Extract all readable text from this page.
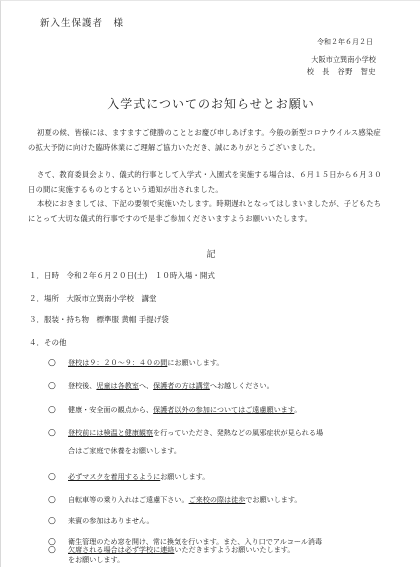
新入生保護者　様
令和２年６月２日
大阪市立巽南小学校
校　長　谷野　智史
入学式についてのお知らせとお願い
初夏の候、皆様には、ますますご健勝のこととお慶び申しあげます。今般の新型コロナウイルス感染症の拡大予防に向けた臨時休業にご理解ご協力いただき、誠にありがとうございました。
さて、教育委員会より、儀式的行事として入学式・入園式を実施する場合は、６月１５日から６月３０日の間に実施するものとするという通知が出されました。
本校におきましては、下記の要領で実施いたします。時期遅れとなってはしまいましたが、子どもたちにとって大切な儀式的行事ですので是非ご参加くださいますようお願いいたします。
記
１．日時　令和２年６月２０日(土)　１０時入場・開式
２．場所　大阪市立巽南小学校　講堂
３．服装・持ち物　標準服 黄帽 手提げ袋
４．その他
○ 登校は９：２０〜９：４０の間にお願いします。
○ 登校後、児童は各教室へ、保護者の方は講堂へお越しください。
○ 健康・安全面の観点から、保護者以外の参加についてはご遠慮願います。
○ 登校前には検温と健康観察を行っていただき、発熱などの風邪症状が見られる場
合はご家庭で休養をお願いします。
○ 必ずマスクを着用するようにお願いします。
○ 自転車等の乗り入れはご遠慮下さい。ご来校の際は徒歩でお願いします。
○ 来賓の参加はありません。
○ 衛生管理のため窓を開け、常に換気を行います。また、入り口でアルコール消毒
をお願いします。
○ 欠席される場合は必ず学校に連絡いただきますようお願いいたします。
